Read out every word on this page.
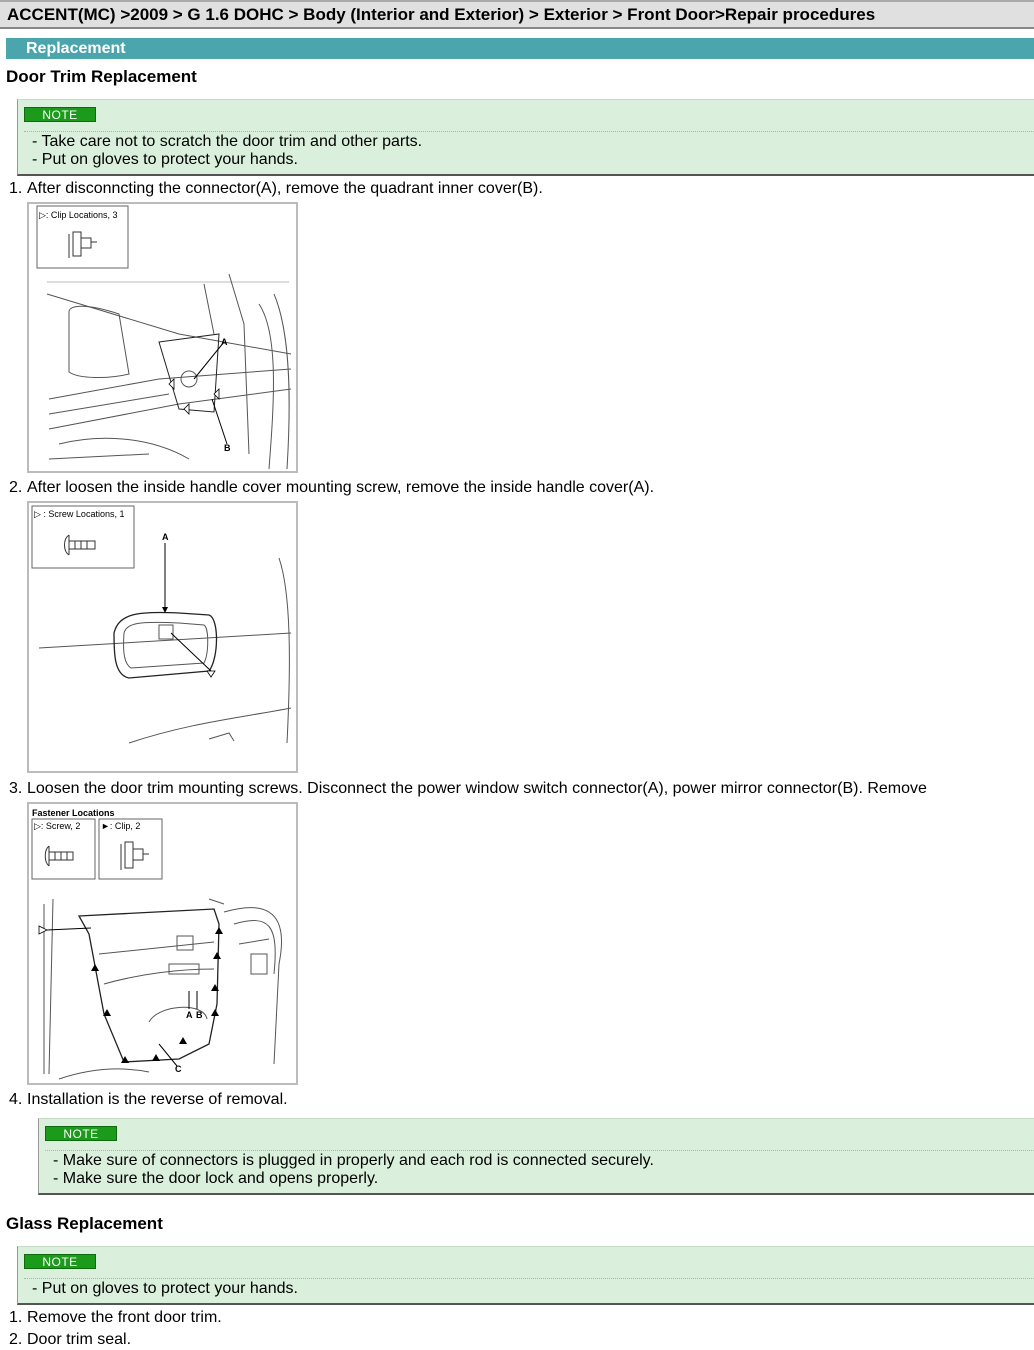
ACCENT(MC) >2009 > G 1.6 DOHC > Body (Interior and Exterior) > Exterior > Front Door>Repair procedures
Replacement
Door Trim Replacement
NOTE
- Take care not to scratch the door trim and other parts.
- Put on gloves to protect your hands.
1. After disconncting the connector(A), remove the quadrant inner cover(B).
▷: Clip Locations, 3
A
B
2. After loosen the inside handle cover mounting screw, remove the inside handle cover(A).
▷ : Screw Locations, 1
A
3. Loosen the door trim mounting screws. Disconnect the power window switch connector(A), power mirror connector(B). Remove
Fastener Locations
▷: Screw, 2 ►: Clip, 2
A B
C
4. Installation is the reverse of removal.
NOTE
- Make sure of connectors is plugged in properly and each rod is connected securely.
- Make sure the door lock and opens properly.
Glass Replacement
NOTE
- Put on gloves to protect your hands.
1. Remove the front door trim.
2. Door trim seal.
